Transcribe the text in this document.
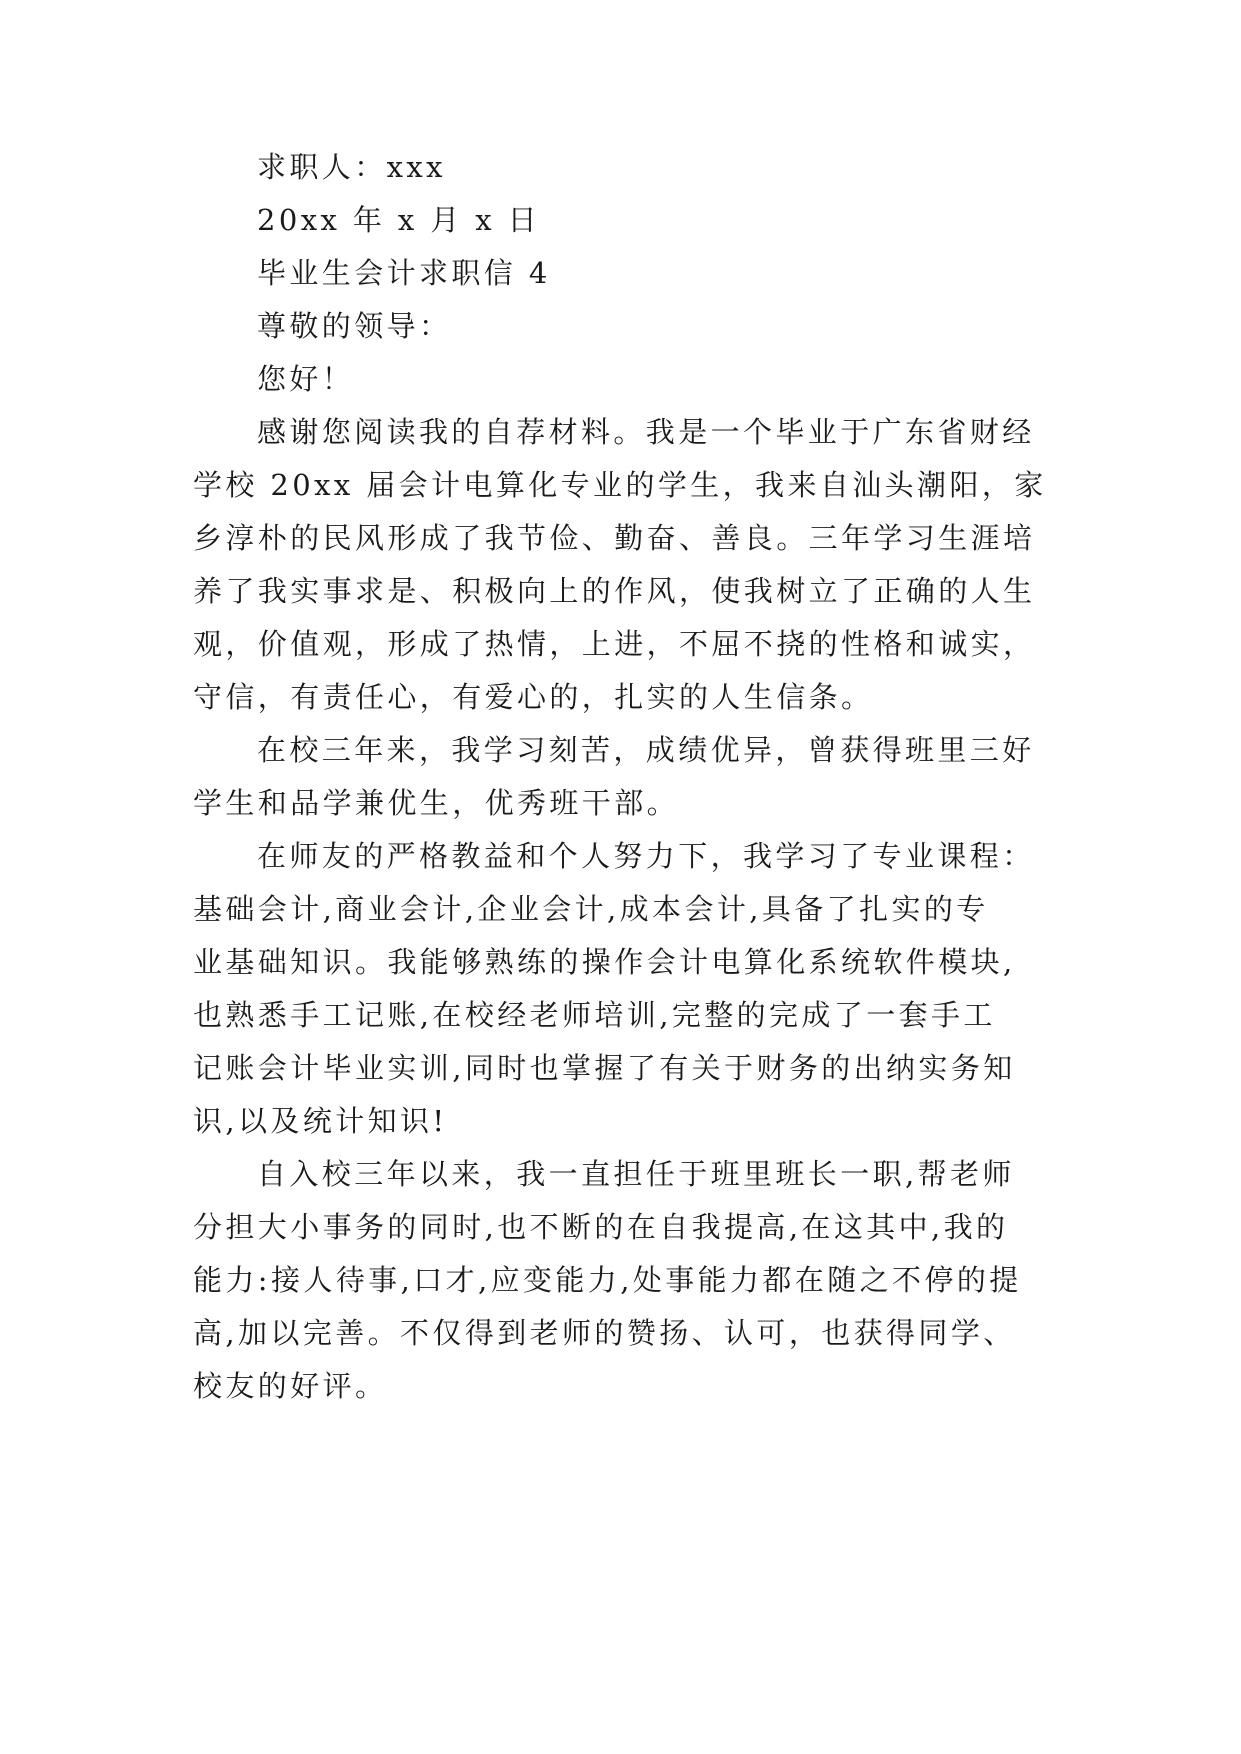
求职人：xxx
20xx 年 x 月 x 日
毕业生会计求职信 4
尊敬的领导：
您好！
感谢您阅读我的自荐材料。我是一个毕业于广东省财经
学校 20xx 届会计电算化专业的学生，我来自汕头潮阳，家
乡淳朴的民风形成了我节俭、勤奋、善良。三年学习生涯培
养了我实事求是、积极向上的作风，使我树立了正确的人生
观，价值观，形成了热情，上进，不屈不挠的性格和诚实，
守信，有责任心，有爱心的，扎实的人生信条。
在校三年来，我学习刻苦，成绩优异，曾获得班里三好
学生和品学兼优生，优秀班干部。
在师友的严格教益和个人努力下，我学习了专业课程：
基础会计,商业会计,企业会计,成本会计,具备了扎实的专
业基础知识。我能够熟练的操作会计电算化系统软件模块,
也熟悉手工记账,在校经老师培训,完整的完成了一套手工
记账会计毕业实训,同时也掌握了有关于财务的出纳实务知
识,以及统计知识!
自入校三年以来，我一直担任于班里班长一职,帮老师
分担大小事务的同时,也不断的在自我提高,在这其中,我的
能力:接人待事,口才,应变能力,处事能力都在随之不停的提
高,加以完善。不仅得到老师的赞扬、认可，也获得同学、
校友的好评。
